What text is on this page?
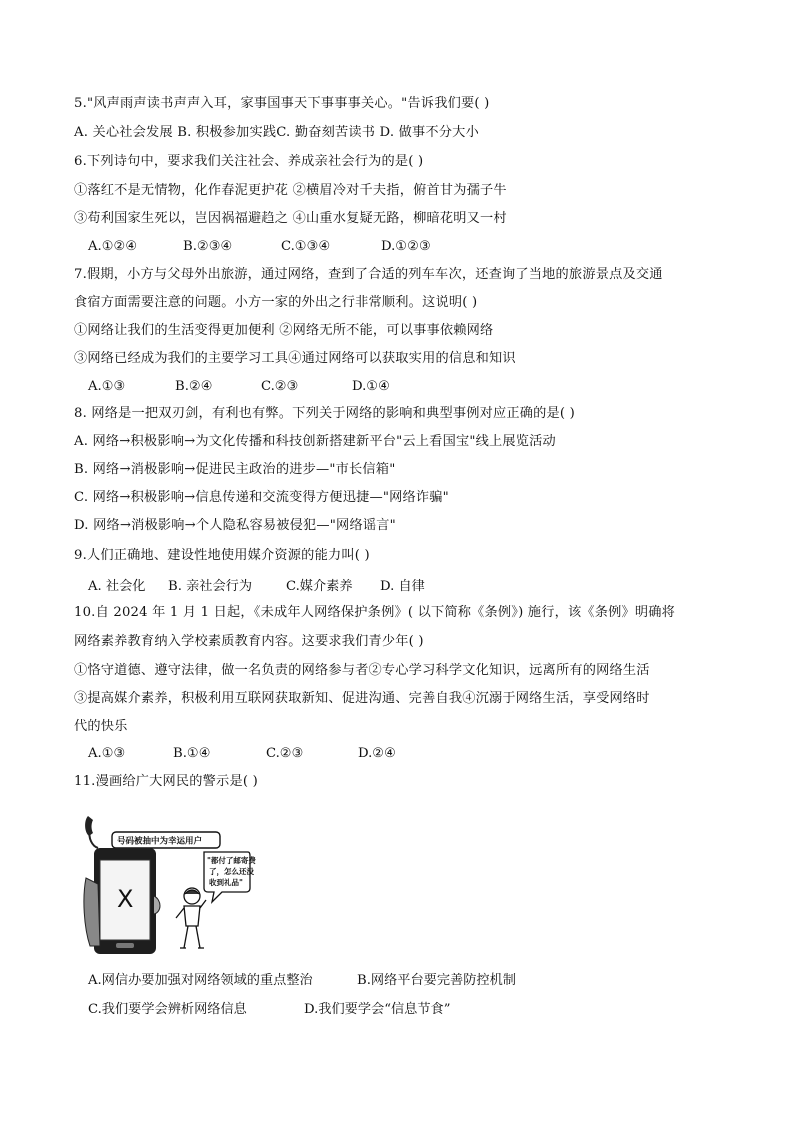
5."风声雨声读书声声入耳，家事国事天下事事事关心。"告诉我们要( )
A. 关心社会发展 B. 积极参加实践C. 勤奋刻苦读书 D. 做事不分大小
6.下列诗句中，要求我们关注社会、养成亲社会行为的是( )
①落红不是无情物，化作春泥更护花 ②横眉冷对千夫指，俯首甘为孺子牛
③苟利国家生死以，岂因祸福避趋之 ④山重水复疑无路，柳暗花明又一村
A.①②④	B.②③④	C.①③④	D.①②③
7.假期，小方与父母外出旅游，通过网络，查到了合适的列车车次，还查询了当地的旅游景点及交通
食宿方面需要注意的问题。小方一家的外出之行非常顺利。这说明( )
①网络让我们的生活变得更加便利 ②网络无所不能，可以事事依赖网络
③网络已经成为我们的主要学习工具④通过网络可以获取实用的信息和知识
A.①③	B.②④	C.②③	D.①④
8. 网络是一把双刃剑，有利也有弊。下列关于网络的影响和典型事例对应正确的是( )
A. 网络→积极影响→为文化传播和科技创新搭建新平台"云上看国宝"线上展览活动
B. 网络→消极影响→促进民主政治的进步—"市长信箱"
C. 网络→积极影响→信息传递和交流变得方便迅捷—"网络诈骗"
D. 网络→消极影响→个人隐私容易被侵犯—"网络谣言"
9.人们正确地、建设性地使用媒介资源的能力叫( )
A. 社会化 B. 亲社会行为	C.媒介素养 D. 自律
10.自 2024 年 1 月 1 日起，《未成年人网络保护条例》( 以下简称《条例》) 施行，该《条例》明确将
网络素养教育纳入学校素质教育内容。这要求我们青少年( )
①恪守道德、遵守法律，做一名负责的网络参与者②专心学习科学文化知识，远离所有的网络生活
③提高媒介素养，积极利用互联网获取新知、促进沟通、完善自我④沉溺于网络生活，享受网络时
代的快乐
A.①③	B.①④	C.②③	D.②④
11.漫画给广大网民的警示是( )
号码被抽中为幸运用户
X
"都付了邮寄费
了，怎么还没
收到礼品"
A.网信办要加强对网络领域的重点整治	B.网络平台要完善防控机制
C.我们要学会辨析网络信息	D.我们要学会“信息节食”
